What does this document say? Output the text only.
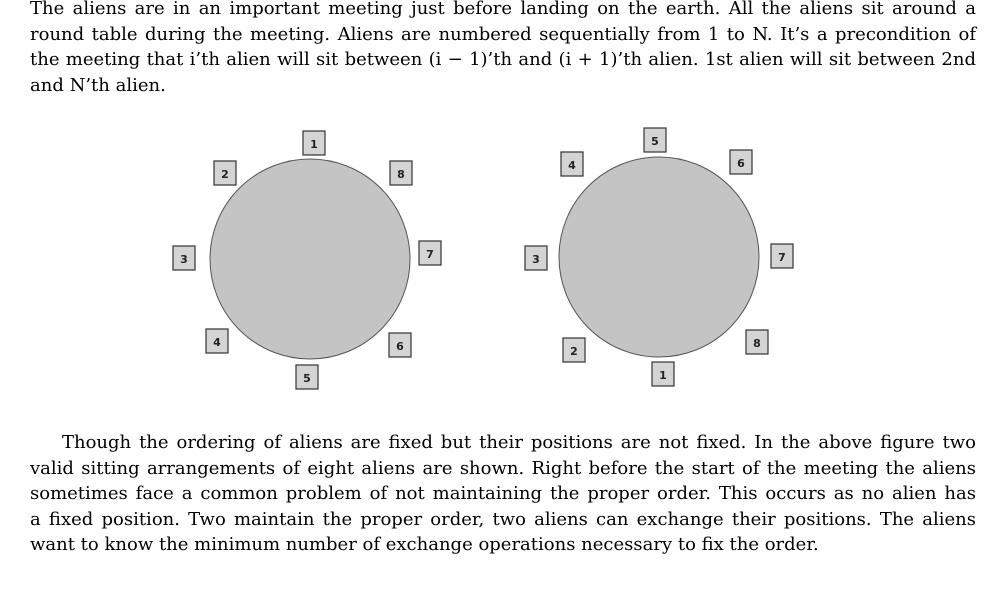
The aliens are in an important meeting just before landing on the earth. All the aliens sit around a
round table during the meeting. Aliens are numbered sequentially from 1 to N. It’s a precondition of
the meeting that i’th alien will sit between (i − 1)’th and (i + 1)’th alien. 1st alien will sit between 2nd
and N’th alien.

1
8
7
6
5
4
3
2
5
6
7
8
1
2
3
4

Though the ordering of aliens are fixed but their positions are not fixed. In the above figure two
valid sitting arrangements of eight aliens are shown. Right before the start of the meeting the aliens
sometimes face a common problem of not maintaining the proper order. This occurs as no alien has
a fixed position. Two maintain the proper order, two aliens can exchange their positions. The aliens
want to know the minimum number of exchange operations necessary to fix the order.
